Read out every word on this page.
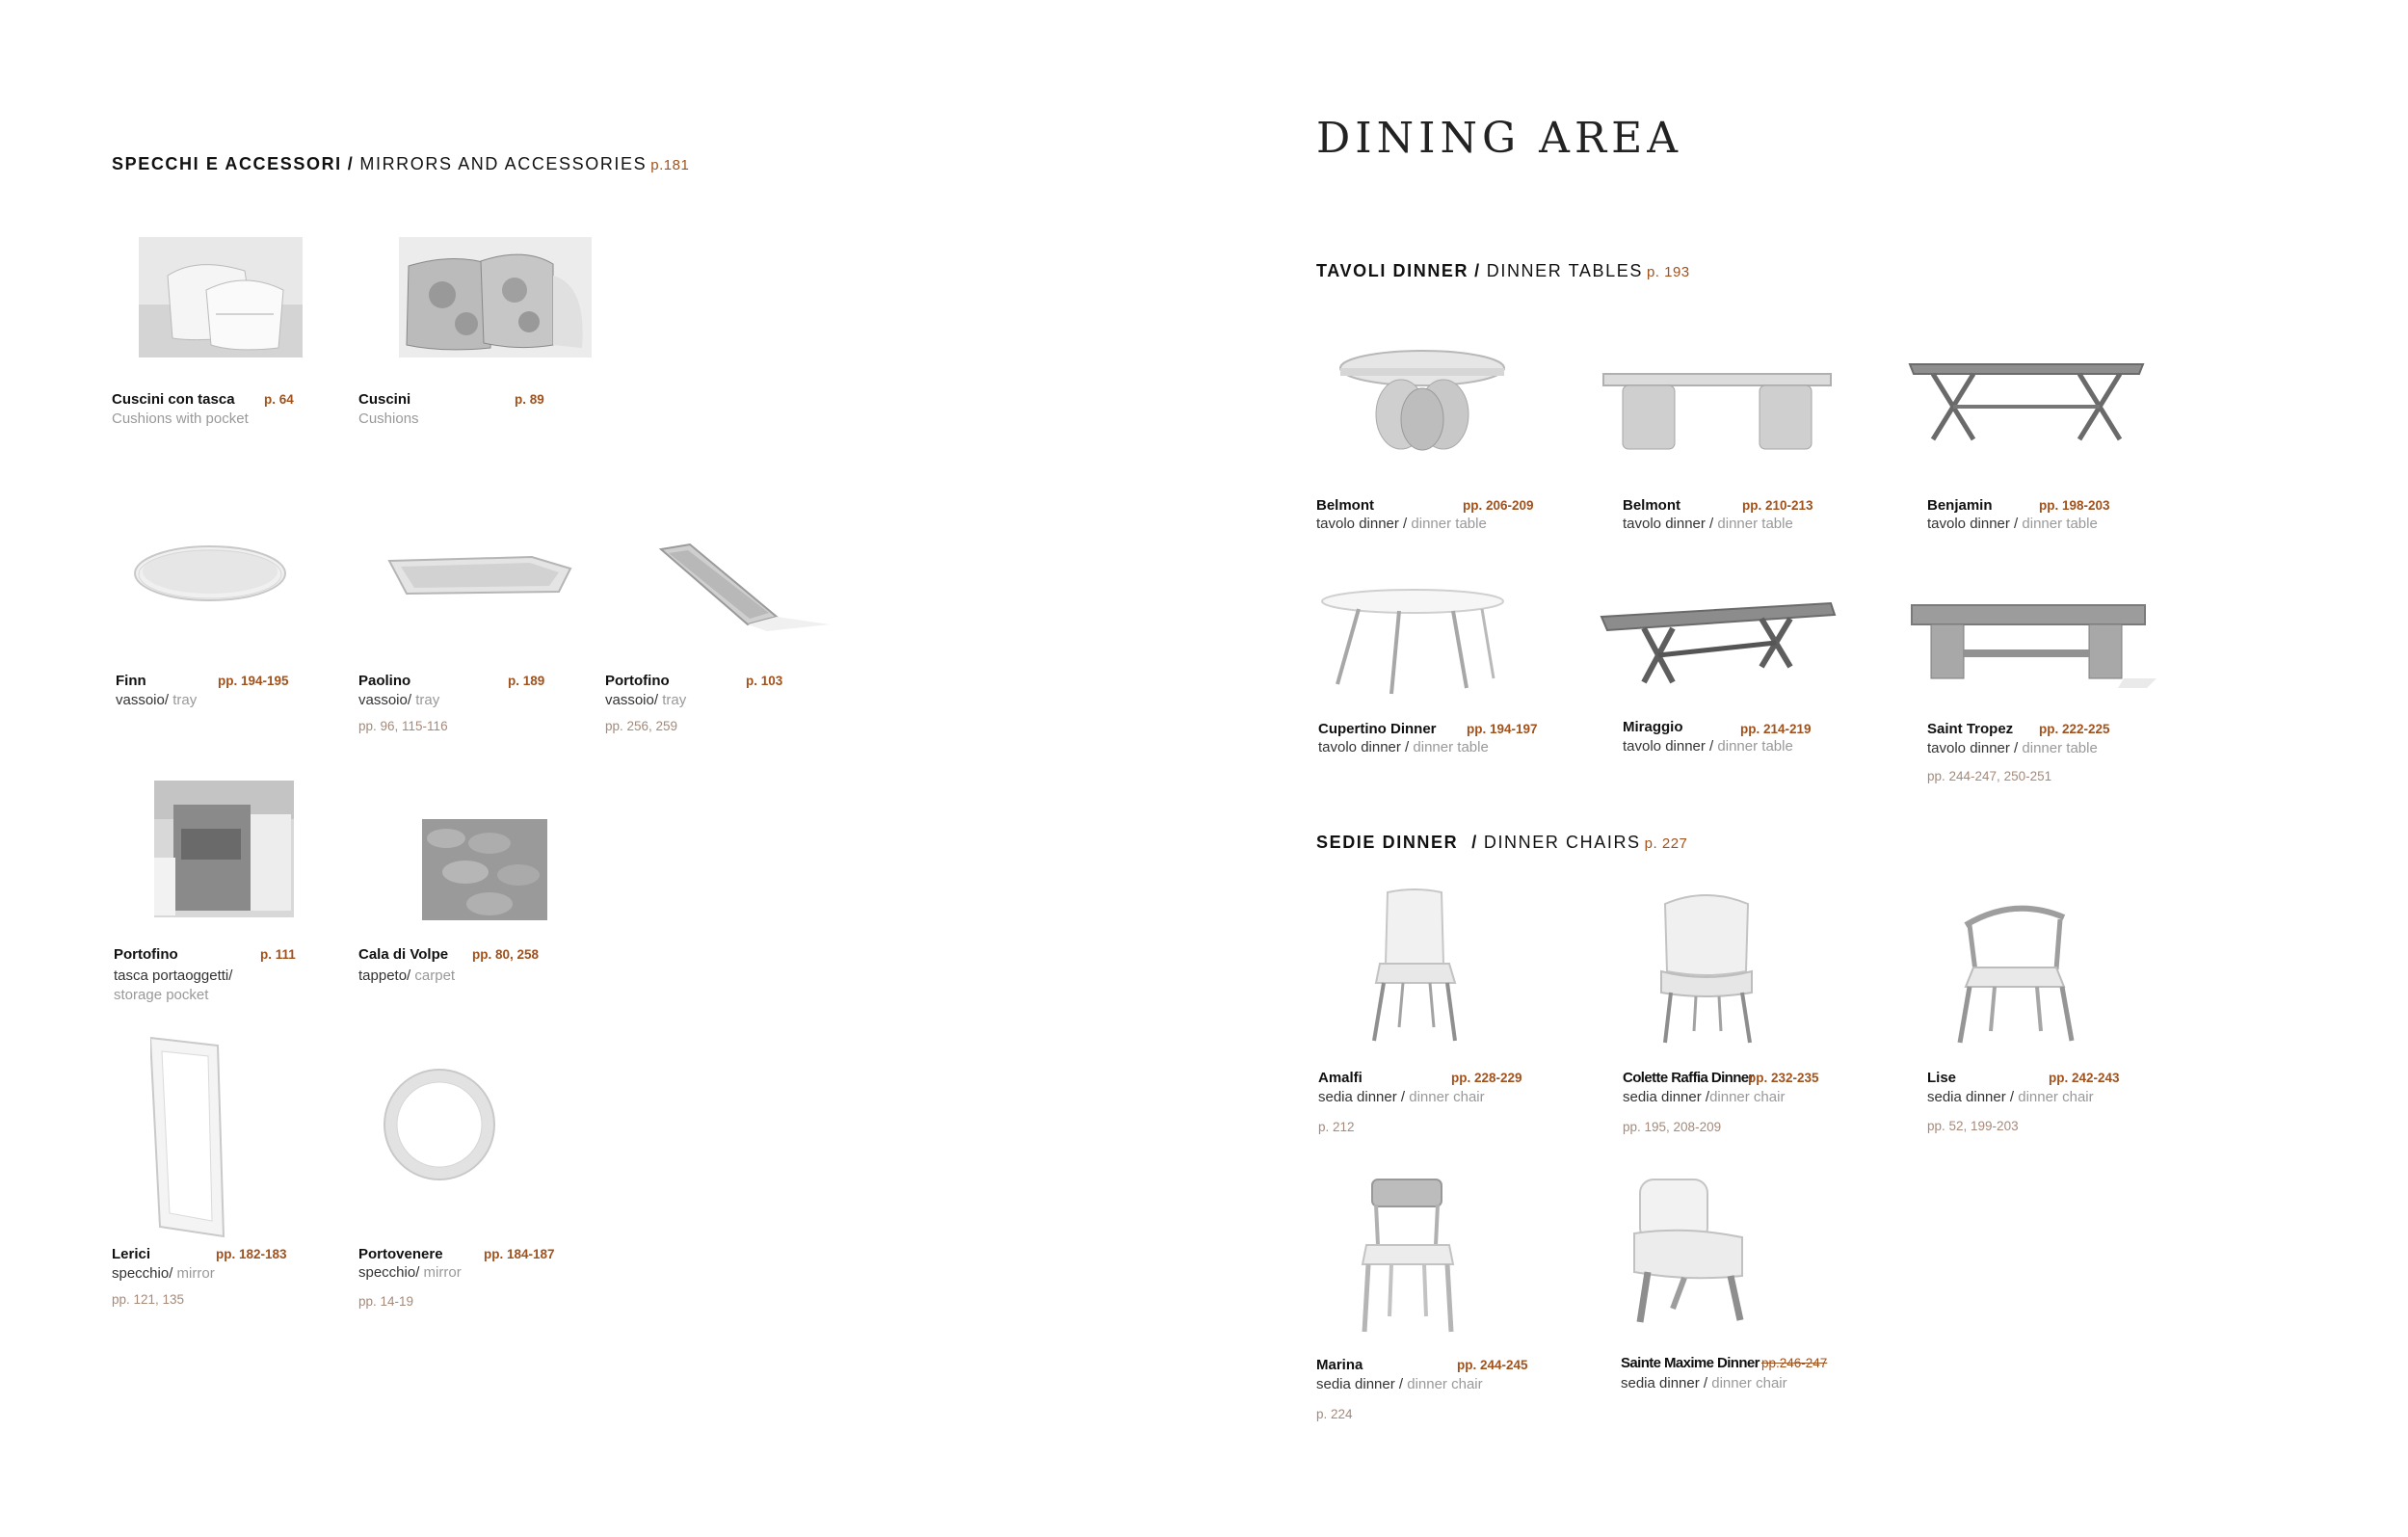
SPECCHI E ACCESSORI / MIRRORS AND ACCESSORIES p.181
DINING AREA
TAVOLI DINNER / DINNER TABLES p. 193
SEDIE DINNER / DINNER CHAIRS p. 227
Cuscini con tasca p. 64
Cushions with pocket
Cuscini	p. 89
Cushions
Finn	pp. 194-195
vassoio/ tray
Paolino	p. 189
vassoio/ tray
pp. 96, 115-116
Portofino	p. 103
vassoio/ tray
pp. 256, 259
Portofino	p. 111
tasca portaoggetti/
storage pocket
Cala di Volpe pp. 80, 258
tappeto/ carpet
Lerici	pp. 182-183
specchio/ mirror
pp. 121, 135
Portovenere	pp. 184-187
specchio/ mirror
pp. 14-19
Belmont	pp. 206-209
tavolo dinner / dinner table
Belmont	pp. 210-213
tavolo dinner / dinner table
Benjamin	pp. 198-203
tavolo dinner / dinner table
Cupertino Dinner pp. 194-197
tavolo dinner / dinner table
Miraggio	pp. 214-219
tavolo dinner / dinner table
Saint Tropez pp. 222-225
tavolo dinner / dinner table
pp. 244-247, 250-251
Amalfi	pp. 228-229
sedia dinner / dinner chair
p. 212
Colette Raffia Dinner
pp. 232-235
sedia dinner /dinner chair
pp. 195, 208-209
Lise	pp. 242-243
sedia dinner / dinner chair
pp. 52, 199-203
Marina	pp. 244-245
sedia dinner / dinner chair
p. 224
Sainte Maxime Dinner pp.246-247
sedia dinner / dinner chair
